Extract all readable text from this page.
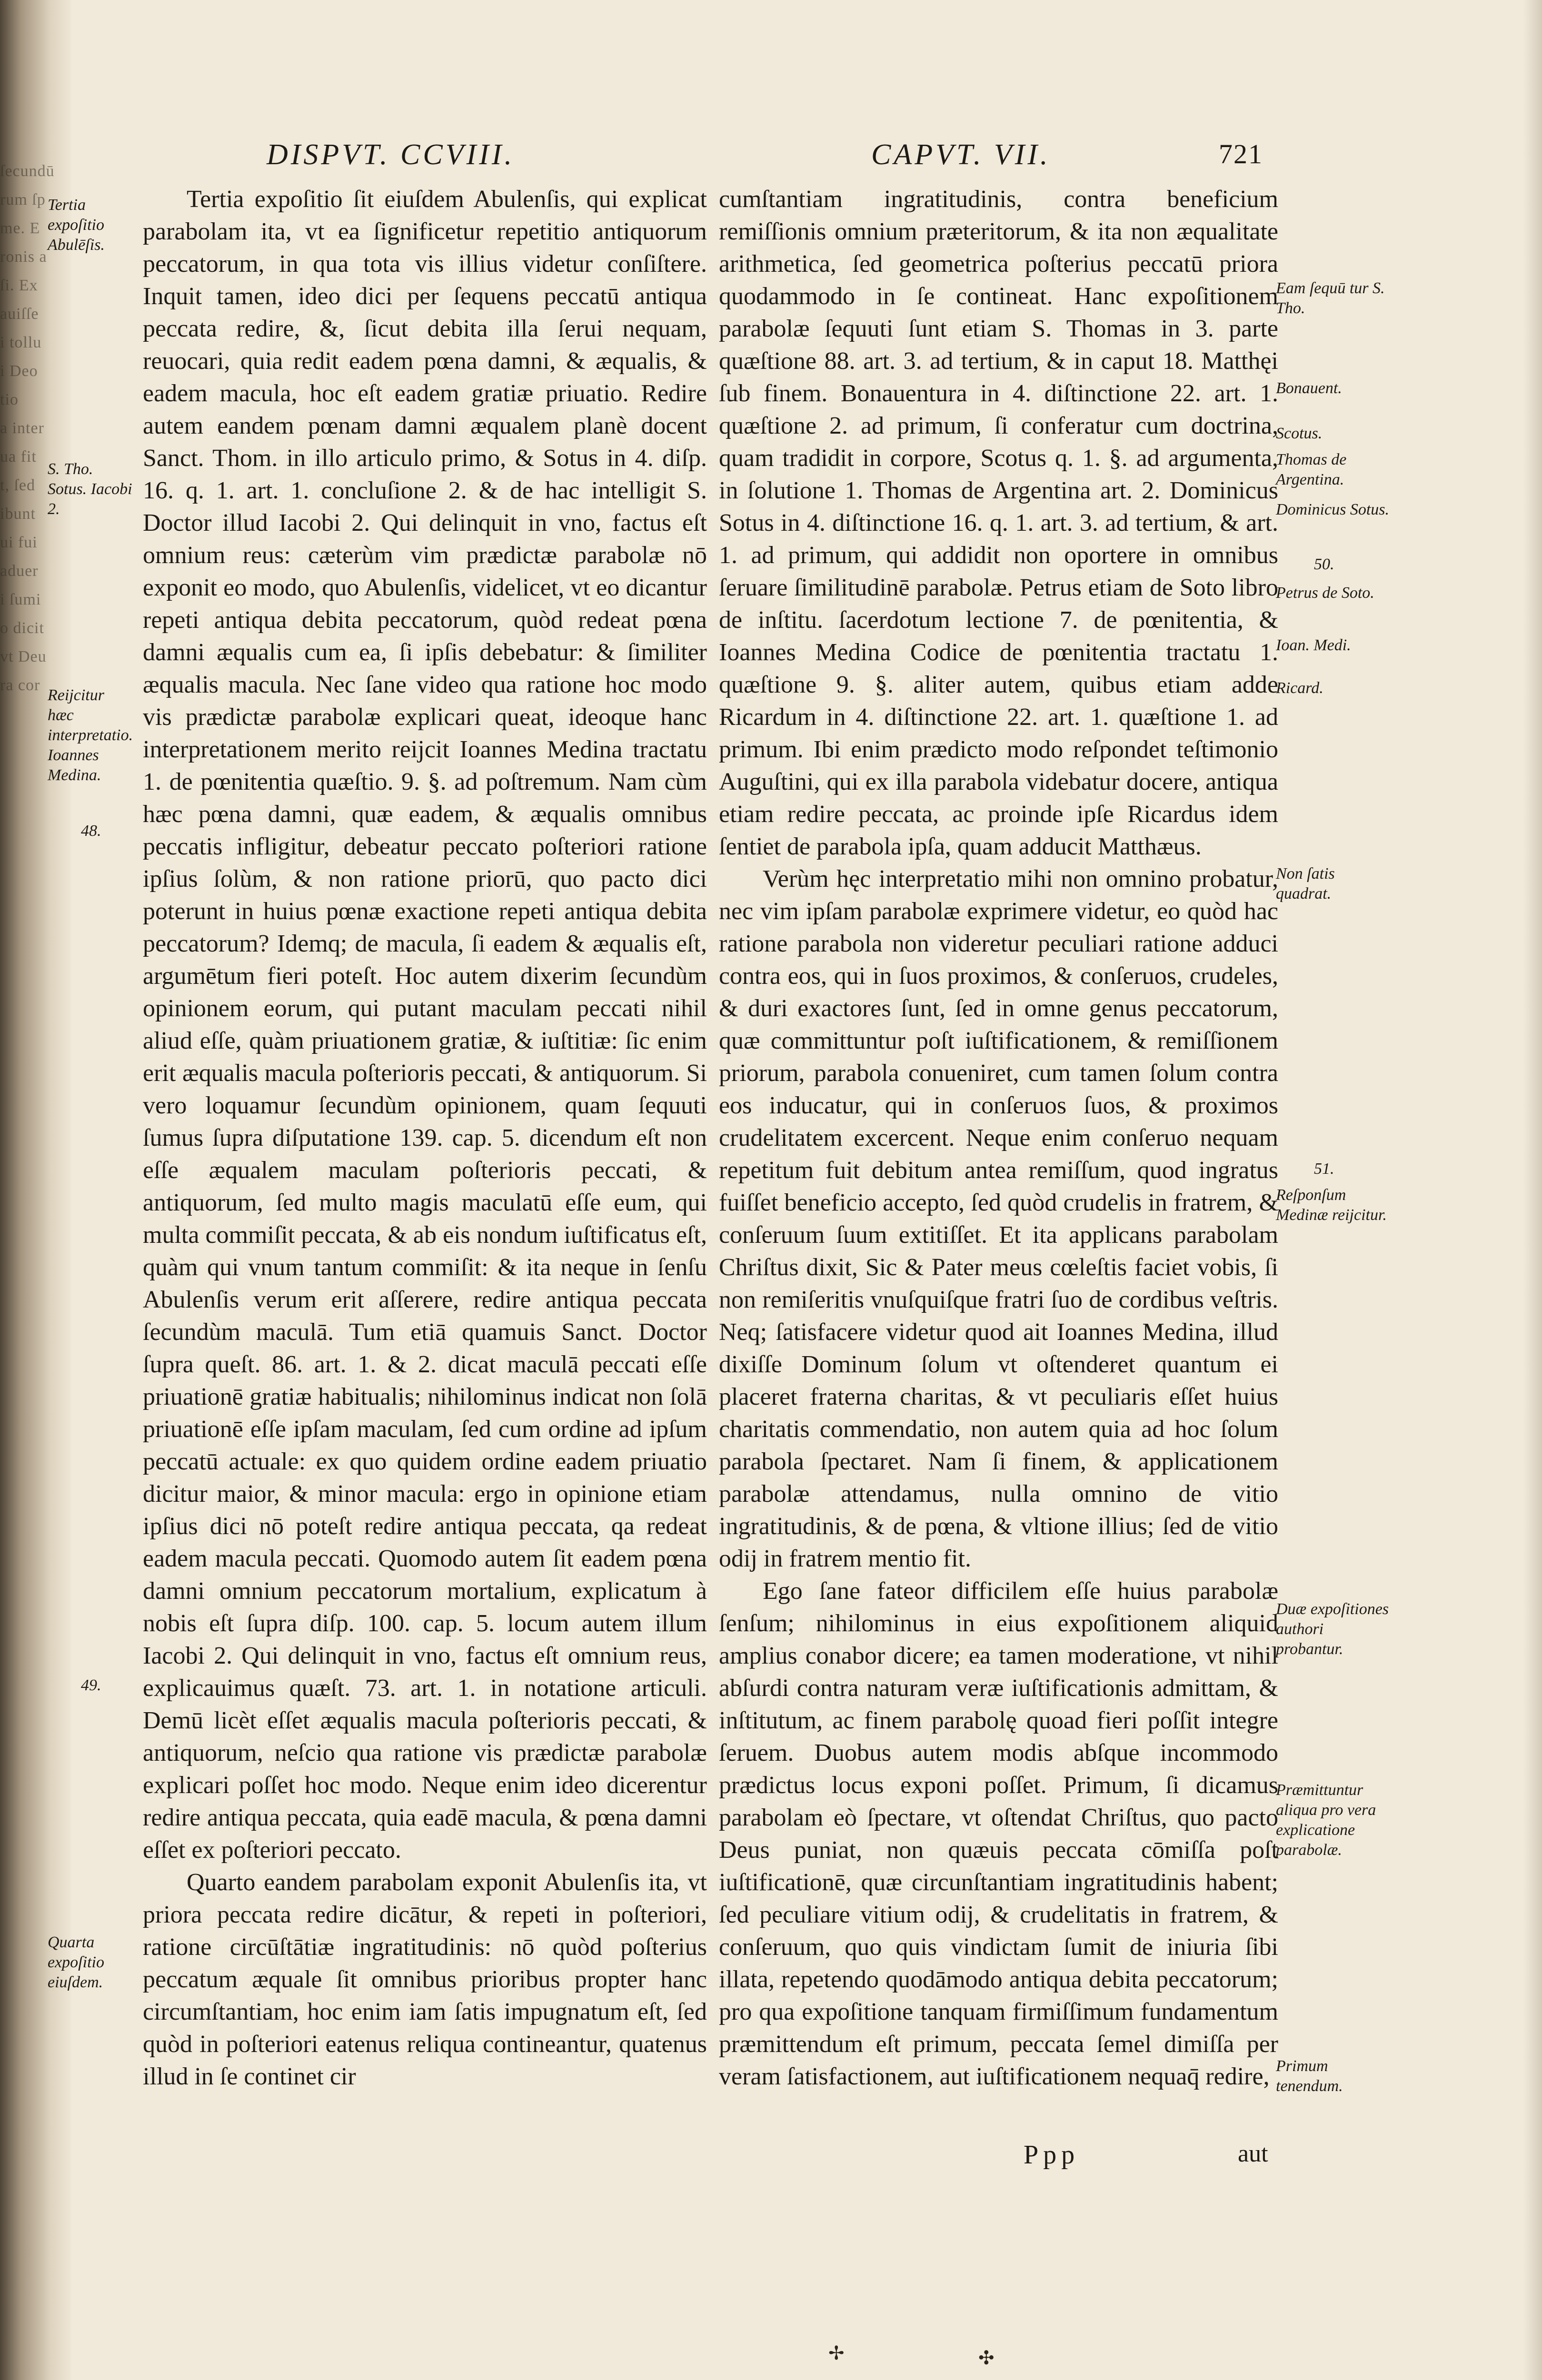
ſecundū
rum ſp
me. E
ronis a
ſi. Ex
auiſſe
i tollu
i Deo
tio
a inter
ua fit
t, ſed
ibunt
ui fui
aduer
i ſumi
o dicit
vt Deu
ra cor
DISPVT. CCVIII.	CAPVT. VII.	721

Tertia expoſitio ſit eiuſdem Abulenſis, qui explicat parabolam ita, vt ea ſignificetur repetitio antiquorum peccatorum, in qua tota vis illius videtur conſiſtere. Inquit tamen, ideo dici per ſequens peccatū antiqua peccata redire, &, ſicut debita illa ſerui nequam, reuocari, quia redit eadem pœna damni, & æqualis, & eadem macula, hoc eſt eadem gratiæ priuatio. Redire autem eandem pœnam damni æqualem planè docent Sanct. Thom. in illo articulo primo, & Sotus in 4. diſp. 16. q. 1. art. 1. concluſione 2. & de hac intelligit S. Doctor illud Iacobi 2. Qui delinquit in vno, factus eſt omnium reus: cæterùm vim prædictæ parabolæ nō exponit eo modo, quo Abulenſis, videlicet, vt eo dicantur repeti antiqua debita peccatorum, quòd redeat pœna damni æqualis cum ea, ſi ipſis debebatur: & ſimiliter æqualis macula. Nec ſane video qua ratione hoc modo vis prædictæ parabolæ explicari queat, ideoque hanc interpretationem merito reijcit Ioannes Medina tractatu 1. de pœnitentia quæſtio. 9. §. ad poſtremum. Nam cùm hæc pœna damni, quæ eadem, & æqualis omnibus peccatis infligitur, debeatur peccato poſteriori ratione ipſius ſolùm, & non ratione priorū, quo pacto dici poterunt in huius pœnæ exactione repeti antiqua debita peccatorum? Idemq; de macula, ſi eadem & æqualis eſt, argumētum fieri poteſt. Hoc autem dixerim ſecundùm opinionem eorum, qui putant maculam peccati nihil aliud eſſe, quàm priuationem gratiæ, & iuſtitiæ: ſic enim erit æqualis macula poſterioris peccati, & antiquorum. Si vero loquamur ſecundùm opinionem, quam ſequuti ſumus ſupra diſputatione 139. cap. 5. dicendum eſt non eſſe æqualem maculam poſterioris peccati, & antiquorum, ſed multo magis maculatū eſſe eum, qui multa commiſit peccata, & ab eis nondum iuſtificatus eſt, quàm qui vnum tantum commiſit: & ita neque in ſenſu Abulenſis verum erit aſſerere, redire antiqua peccata ſecundùm maculā. Tum etiā quamuis Sanct. Doctor ſupra queſt. 86. art. 1. & 2. dicat maculā peccati eſſe priuationē gratiæ habitualis; nihilominus indicat non ſolā priuationē eſſe ipſam maculam, ſed cum ordine ad ipſum peccatū actuale: ex quo quidem ordine eadem priuatio dicitur maior, & minor macula: ergo in opinione etiam ipſius dici nō poteſt redire antiqua peccata, qa redeat eadem macula peccati. Quomodo autem ſit eadem pœna damni omnium peccatorum mortalium, explicatum à nobis eſt ſupra diſp. 100. cap. 5. locum autem illum Iacobi 2. Qui delinquit in vno, factus eſt omnium reus, explicauimus quæſt. 73. art. 1. in notatione articuli. Demū licèt eſſet æqualis macula poſterioris peccati, & antiquorum, neſcio qua ratione vis prædictæ parabolæ explicari poſſet hoc modo. Neque enim ideo dicerentur redire antiqua peccata, quia eadē macula, & pœna damni eſſet ex poſteriori peccato.

Quarto eandem parabolam exponit Abulenſis ita, vt priora peccata redire dicātur, & repeti in poſteriori, ratione circūſtātiæ ingratitudinis: nō quòd poſterius peccatum æquale ſit omnibus prioribus propter hanc circumſtantiam, hoc enim iam ſatis impugnatum eſt, ſed quòd in poſteriori eatenus reliqua contineantur, quatenus illud in ſe continet cir

cumſtantiam ingratitudinis, contra beneficium remiſſionis omnium præteritorum, & ita non æqualitate arithmetica, ſed geometrica poſterius peccatū priora quodammodo in ſe contineat. Hanc expoſitionem parabolæ ſequuti ſunt etiam S. Thomas in 3. parte quæſtione 88. art. 3. ad tertium, & in caput 18. Matthęi ſub finem. Bonauentura in 4. diſtinctione 22. art. 1. quæſtione 2. ad primum, ſi conferatur cum doctrina, quam tradidit in corpore, Scotus q. 1. §. ad argumenta, in ſolutione 1. Thomas de Argentina art. 2. Dominicus Sotus in 4. diſtinctione 16. q. 1. art. 3. ad tertium, & art. 1. ad primum, qui addidit non oportere in omnibus ſeruare ſimilitudinē parabolæ. Petrus etiam de Soto libro de inſtitu. ſacerdotum lectione 7. de pœnitentia, & Ioannes Medina Codice de pœnitentia tractatu 1. quæſtione 9. §. aliter autem, quibus etiam adde Ricardum in 4. diſtinctione 22. art. 1. quæſtione 1. ad primum. Ibi enim prædicto modo reſpondet teſtimonio Auguſtini, qui ex illa parabola videbatur docere, antiqua etiam redire peccata, ac proinde ipſe Ricardus idem ſentiet de parabola ipſa, quam adducit Matthæus.

Verùm hęc interpretatio mihi non omnino probatur, nec vim ipſam parabolæ exprimere videtur, eo quòd hac ratione parabola non videretur peculiari ratione adduci contra eos, qui in ſuos proximos, & conſeruos, crudeles, & duri exactores ſunt, ſed in omne genus peccatorum, quæ committuntur poſt iuſtificationem, & remiſſionem priorum, parabola conueniret, cum tamen ſolum contra eos inducatur, qui in conſeruos ſuos, & proximos crudelitatem excercent. Neque enim conſeruo nequam repetitum fuit debitum antea remiſſum, quod ingratus fuiſſet beneficio accepto, ſed quòd crudelis in fratrem, & conſeruum ſuum extitiſſet. Et ita applicans parabolam Chriſtus dixit, Sic & Pater meus cœleſtis faciet vobis, ſi non remiſeritis vnuſquiſque fratri ſuo de cordibus veſtris. Neq; ſatisfacere videtur quod ait Ioannes Medina, illud dixiſſe Dominum ſolum vt oſtenderet quantum ei placeret fraterna charitas, & vt peculiaris eſſet huius charitatis commendatio, non autem quia ad hoc ſolum parabola ſpectaret. Nam ſi finem, & applicationem parabolæ attendamus, nulla omnino de vitio ingratitudinis, & de pœna, & vltione illius; ſed de vitio odij in fratrem mentio fit.

Ego ſane fateor difficilem eſſe huius parabolæ ſenſum; nihilominus in eius expoſitionem aliquid amplius conabor dicere; ea tamen moderatione, vt nihil abſurdi contra naturam veræ iuſtificationis admittam, & inſtitutum, ac finem parabolę quoad fieri poſſit integre ſeruem. Duobus autem modis abſque incommodo prædictus locus exponi poſſet. Primum, ſi dicamus parabolam eò ſpectare, vt oſtendat Chriſtus, quo pacto Deus puniat, non quæuis peccata cōmiſſa poſt iuſtificationē, quæ circunſtantiam ingratitudinis habent; ſed peculiare vitium odij, & crudelitatis in fratrem, & conſeruum, quo quis vindictam ſumit de iniuria ſibi illata, repetendo quodāmodo antiqua debita peccatorum; pro qua expoſitione tanquam firmiſſimum fundamentum præmittendum eſt primum, peccata ſemel dimiſſa per veram ſatisfactionem, aut iuſtificationem nequaq̄ redire,

Tertia expoſitio Abulēſis.
S. Tho. Sotus. Iacobi 2.
Reijcitur hæc interpretatio. Ioannes Medina.
48.
49.
Quarta expoſitio eiuſdem.
Eam ſequū tur S. Tho.
Bonauent.
Scotus.
Thomas de Argentina.
Dominicus Sotus.
50.
Petrus de Soto.
Ioan. Medi.
Ricard.
Non ſatis quadrat.
51.
Reſponſum Medinæ reijcitur.
Duæ expoſitiones authori probantur.
Præmittuntur aliqua pro vera explicatione parabolæ.
Primum tenendum.
Ppp	aut
✢	✣
